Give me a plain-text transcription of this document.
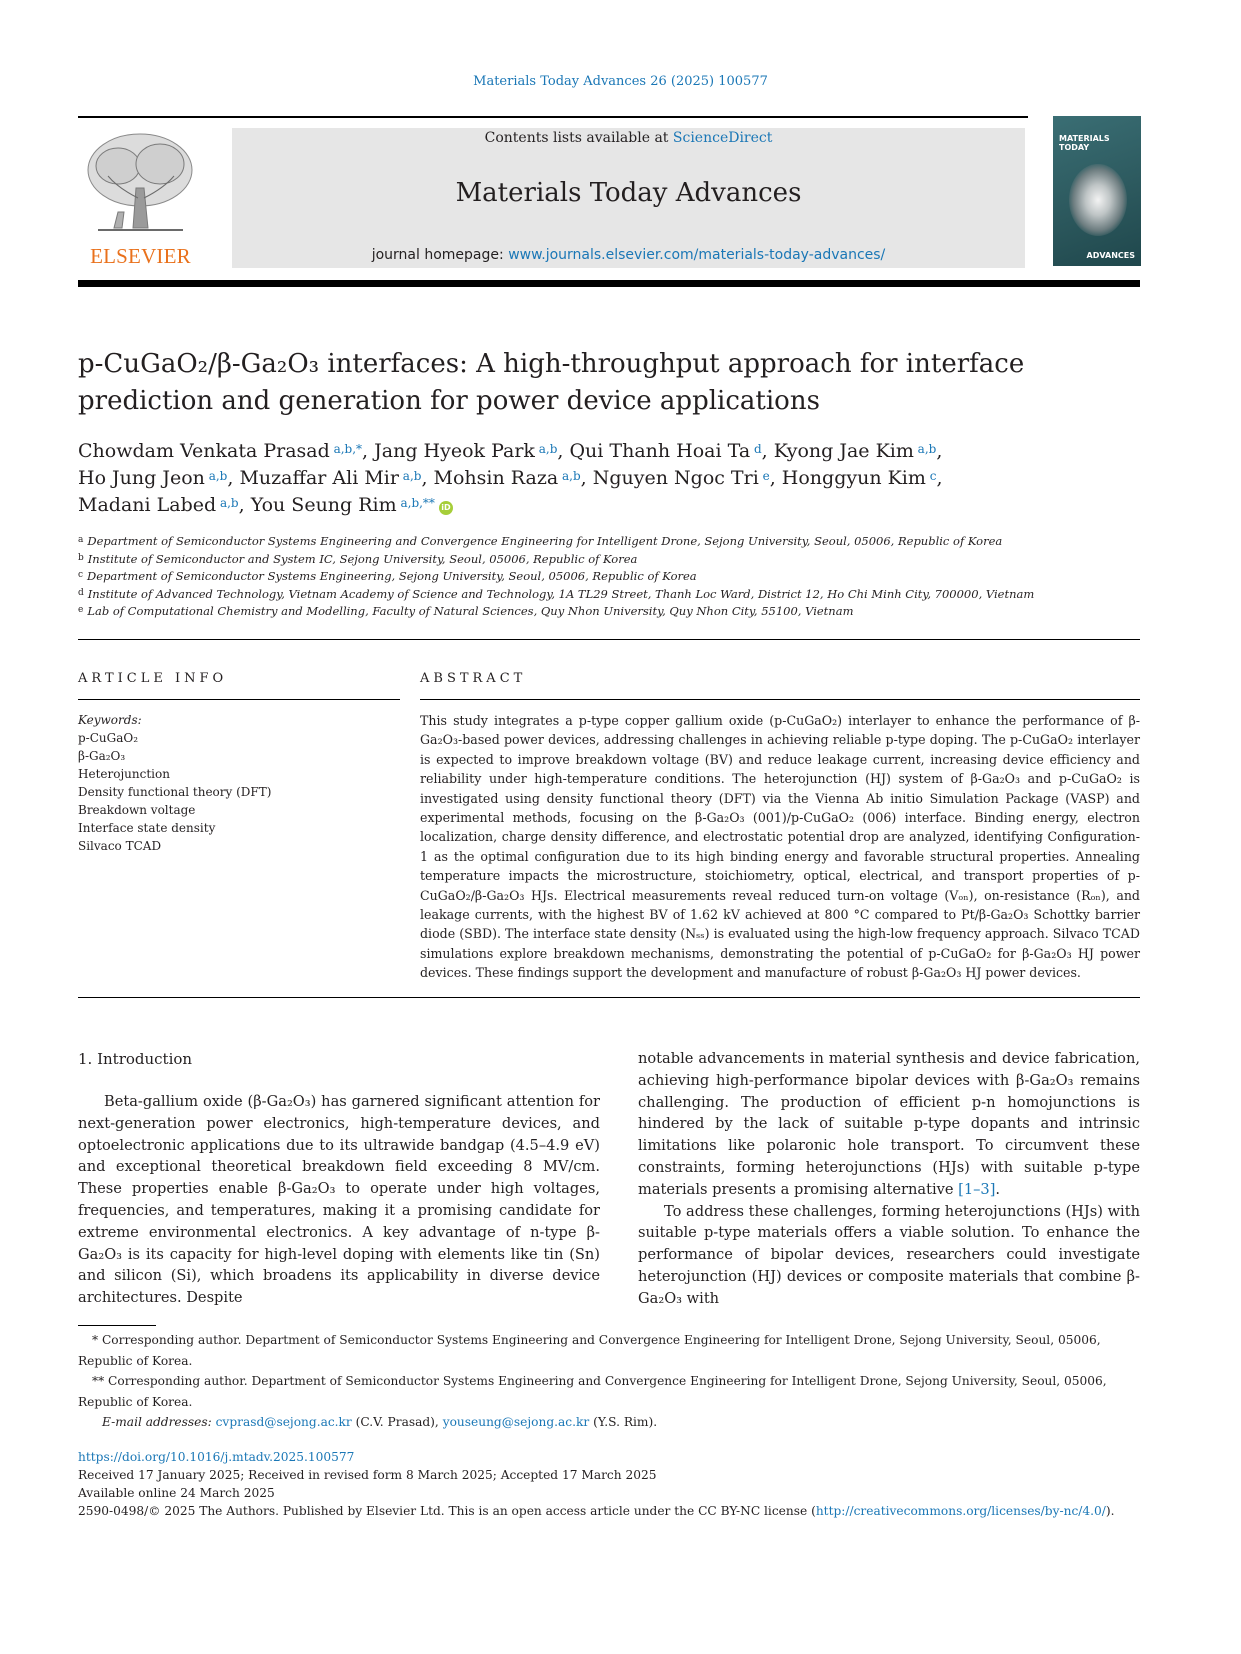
Materials Today Advances 26 (2025) 100577
ELSEVIER
Contents lists available at ScienceDirect
Materials Today Advances
journal homepage: www.journals.elsevier.com/materials-today-advances/
MATERIALS
TODAY
ADVANCES
p-CuGaO₂/β-Ga₂O₃ interfaces: A high-throughput approach for interface
prediction and generation for power device applications
Chowdam Venkata Prasad $^{a,b,*}$, Jang Hyeok Park $^{a,b}$, Qui Thanh Hoai Ta $^d$, Kyong Jae Kim $^{a,b}$,
Ho Jung Jeon $^{a,b}$, Muzaffar Ali Mir $^{a,b}$, Mohsin Raza $^{a,b}$, Nguyen Ngoc Tri $^e$, Honggyun Kim $^c$,
Madani Labed $^{a,b}$, You Seung Rim $^{a,b,**}$ iD
$^a$ Department of Semiconductor Systems Engineering and Convergence Engineering for Intelligent Drone, Sejong University, Seoul, 05006, Republic of Korea
$^b$ Institute of Semiconductor and System IC, Sejong University, Seoul, 05006, Republic of Korea
$^c$ Department of Semiconductor Systems Engineering, Sejong University, Seoul, 05006, Republic of Korea
$^d$ Institute of Advanced Technology, Vietnam Academy of Science and Technology, 1A TL29 Street, Thanh Loc Ward, District 12, Ho Chi Minh City, 700000, Vietnam
$^e$ Lab of Computational Chemistry and Modelling, Faculty of Natural Sciences, Quy Nhon University, Quy Nhon City, 55100, Vietnam
ARTICLE INFO	ABSTRACT
Keywords:
p-CuGaO₂
β-Ga₂O₃
Heterojunction
Density functional theory (DFT)
Breakdown voltage
Interface state density
Silvaco TCAD
This study integrates a p-type copper gallium oxide (p-CuGaO₂) interlayer to enhance the performance of β-Ga₂O₃-based power devices, addressing challenges in achieving reliable p-type doping. The p-CuGaO₂ interlayer is expected to improve breakdown voltage (BV) and reduce leakage current, increasing device efficiency and reliability under high-temperature conditions. The heterojunction (HJ) system of β-Ga₂O₃ and p-CuGaO₂ is investigated using density functional theory (DFT) via the Vienna Ab initio Simulation Package (VASP) and experimental methods, focusing on the β-Ga₂O₃ (001)/p-CuGaO₂ (006) interface. Binding energy, electron localization, charge density difference, and electrostatic potential drop are analyzed, identifying Configuration-1 as the optimal configuration due to its high binding energy and favorable structural properties. Annealing temperature impacts the microstructure, stoichiometry, optical, electrical, and transport properties of p-CuGaO₂/β-Ga₂O₃ HJs. Electrical measurements reveal reduced turn-on voltage (Vₒₙ), on-resistance (Rₒₙ), and leakage currents, with the highest BV of 1.62 kV achieved at 800 °C compared to Pt/β-Ga₂O₃ Schottky barrier diode (SBD). The interface state density (Nₛₛ) is evaluated using the high-low frequency approach. Silvaco TCAD simulations explore breakdown mechanisms, demonstrating the potential of p-CuGaO₂ for β-Ga₂O₃ HJ power devices. These findings support the development and manufacture of robust β-Ga₂O₃ HJ power devices.
1. Introduction

Beta-gallium oxide (β-Ga₂O₃) has garnered significant attention for next-generation power electronics, high-temperature devices, and optoelectronic applications due to its ultrawide bandgap (4.5–4.9 eV) and exceptional theoretical breakdown field exceeding 8 MV/cm. These properties enable β-Ga₂O₃ to operate under high voltages, frequencies, and temperatures, making it a promising candidate for extreme environmental electronics. A key advantage of n-type β-Ga₂O₃ is its capacity for high-level doping with elements like tin (Sn) and silicon (Si), which broadens its applicability in diverse device architectures. Despite

notable advancements in material synthesis and device fabrication, achieving high-performance bipolar devices with β-Ga₂O₃ remains challenging. The production of efficient p-n homojunctions is hindered by the lack of suitable p-type dopants and intrinsic limitations like polaronic hole transport. To circumvent these constraints, forming heterojunctions (HJs) with suitable p-type materials presents a promising alternative [1–3].

To address these challenges, forming heterojunctions (HJs) with suitable p-type materials offers a viable solution. To enhance the performance of bipolar devices, researchers could investigate heterojunction (HJ) devices or composite materials that combine β-Ga₂O₃ with

* Corresponding author. Department of Semiconductor Systems Engineering and Convergence Engineering for Intelligent Drone, Sejong University, Seoul, 05006, Republic of Korea.

** Corresponding author. Department of Semiconductor Systems Engineering and Convergence Engineering for Intelligent Drone, Sejong University, Seoul, 05006, Republic of Korea.

E-mail addresses: cvprasd@sejong.ac.kr (C.V. Prasad), youseung@sejong.ac.kr (Y.S. Rim).

https://doi.org/10.1016/j.mtadv.2025.100577

Received 17 January 2025; Received in revised form 8 March 2025; Accepted 17 March 2025

Available online 24 March 2025

2590-0498/© 2025 The Authors. Published by Elsevier Ltd. This is an open access article under the CC BY-NC license (http://creativecommons.org/licenses/by-nc/4.0/).
